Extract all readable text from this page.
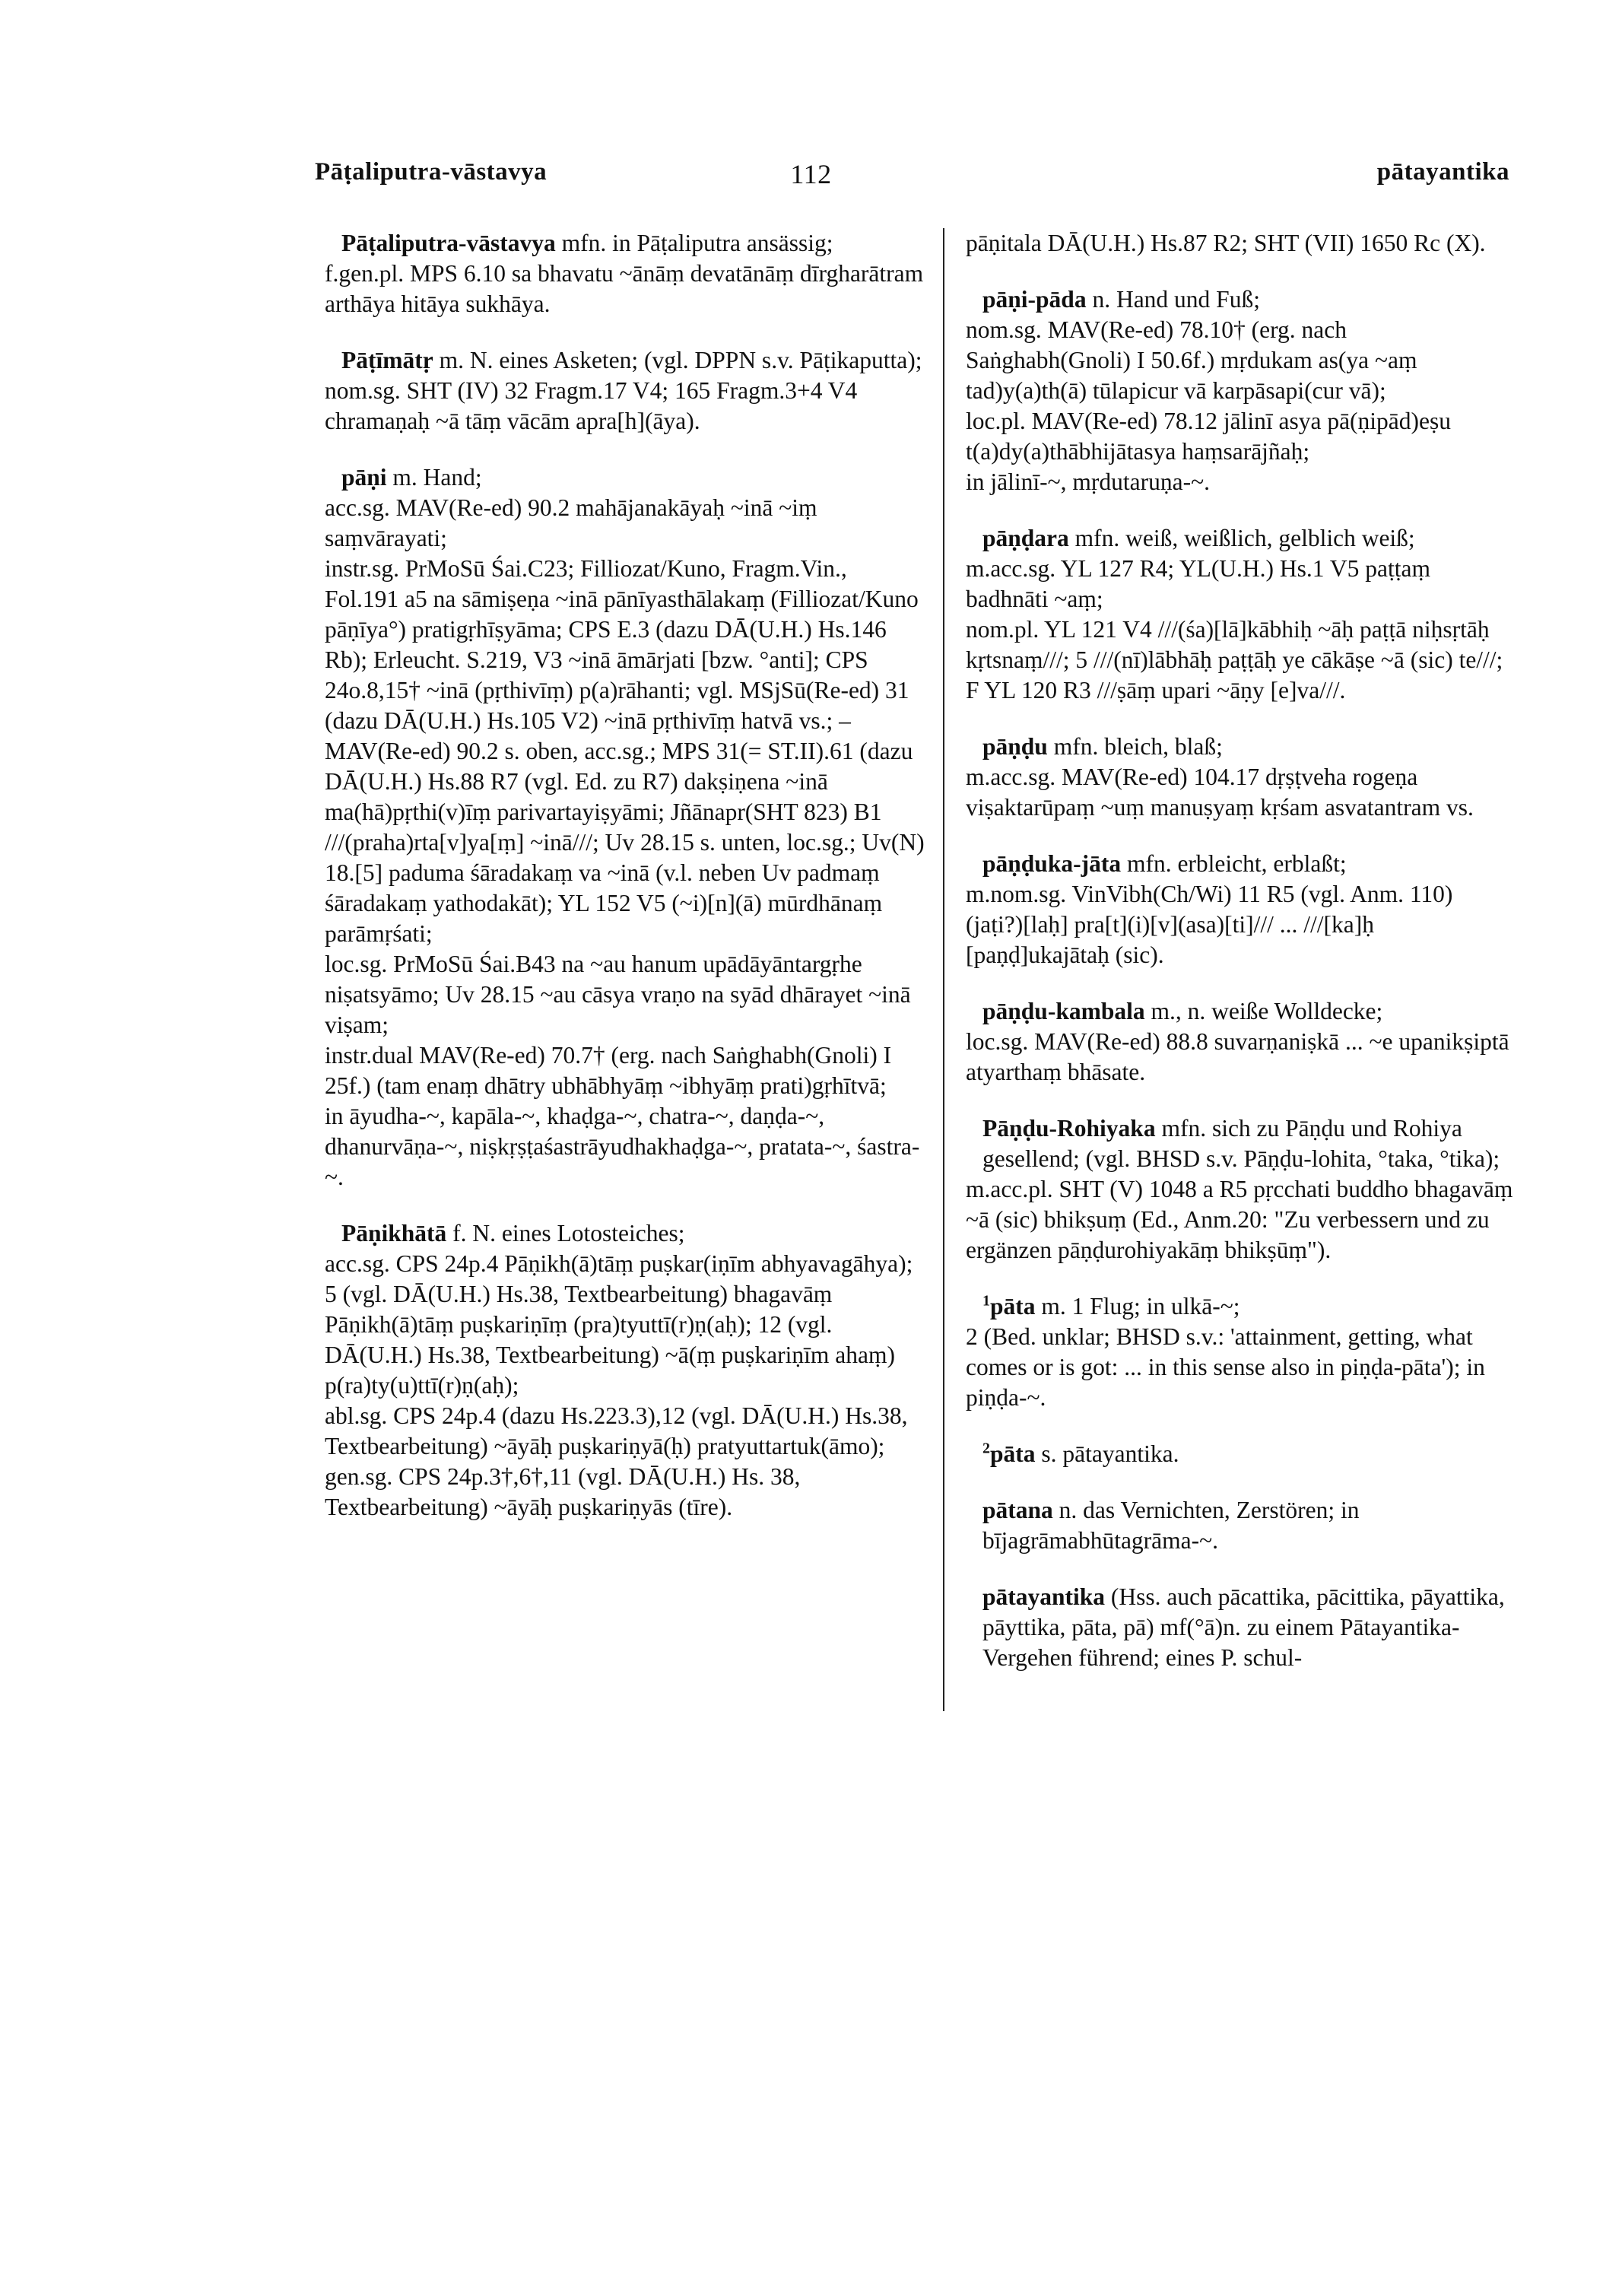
Pāṭaliputra-vāstavya	112	pātayantika

Pāṭaliputra-vāstavya mfn. in Pāṭaliputra ansässig;

f.gen.pl. MPS 6.10 sa bhavatu ~ānāṃ devatānāṃ dīrgharātram arthāya hitāya sukhāya.

Pāṭīmātṛ m. N. eines Asketen; (vgl. DPPN s.v. Pāṭikaputta);

nom.sg. SHT (IV) 32 Fragm.17 V4; 165 Fragm.3+4 V4 chramaṇaḥ ~ā tāṃ vācām apra[h](āya).

pāṇi m. Hand;

acc.sg. MAV(Re-ed) 90.2 mahājanakāyaḥ ~inā ~iṃ saṃvārayati;

instr.sg. PrMoSū Śai.C23; Filliozat/Kuno, Fragm.Vin., Fol.191 a5 na sāmiṣeṇa ~inā pānīyasthālakaṃ (Filliozat/Kuno pāṇīya°) pratigṛhīṣyāma; CPS E.3 (dazu DĀ(U.H.) Hs.146 Rb); Erleucht. S.219, V3 ~inā āmārjati [bzw. °anti]; CPS 24o.8,15† ~inā (pṛthivīṃ) p(a)rāhanti; vgl. MSjSū(Re-ed) 31 (dazu DĀ(U.H.) Hs.105 V2) ~inā pṛthivīṃ hatvā vs.; – MAV(Re-ed) 90.2 s. oben, acc.sg.; MPS 31(= ST.II).61 (dazu DĀ(U.H.) Hs.88 R7 (vgl. Ed. zu R7) dakṣiṇena ~inā ma(hā)pṛthi(v)īṃ parivartayiṣyāmi; Jñānapr(SHT 823) B1 ///(praha)rta[v]ya[ṃ] ~inā///; Uv 28.15 s. unten, loc.sg.; Uv(N) 18.[5] paduma śāradakaṃ va ~inā (v.l. neben Uv padmaṃ śāradakaṃ yathodakāt); YL 152 V5 (~i)[n](ā) mūrdhānaṃ parāmṛśati;

loc.sg. PrMoSū Śai.B43 na ~au hanum upādāyāntargṛhe niṣatsyāmo; Uv 28.15 ~au cāsya vraṇo na syād dhārayet ~inā viṣam;

instr.dual MAV(Re-ed) 70.7† (erg. nach Saṅghabh(Gnoli) I 25f.) (tam enaṃ dhātry ubhābhyāṃ ~ibhyāṃ prati)gṛhītvā;

in āyudha-~, kapāla-~, khaḍga-~, chatra-~, daṇḍa-~, dhanurvāṇa-~, niṣkṛṣṭaśastrāyudhakhaḍga-~, pratata-~, śastra-~.

Pāṇikhātā f. N. eines Lotosteiches;

acc.sg. CPS 24p.4 Pāṇikh(ā)tāṃ puṣkar(iṇīm abhyavagāhya); 5 (vgl. DĀ(U.H.) Hs.38, Textbearbeitung) bhagavāṃ Pāṇikh(ā)tāṃ puṣkariṇīṃ (pra)tyuttī(r)ṇ(aḥ); 12 (vgl. DĀ(U.H.) Hs.38, Textbearbeitung) ~ā(ṃ puṣkariṇīm ahaṃ) p(ra)ty(u)ttī(r)ṇ(aḥ);

abl.sg. CPS 24p.4 (dazu Hs.223.3),12 (vgl. DĀ(U.H.) Hs.38, Textbearbeitung) ~āyāḥ puṣkariṇyā(ḥ) pratyuttartuk(āmo);

gen.sg. CPS 24p.3†,6†,11 (vgl. DĀ(U.H.) Hs. 38, Textbearbeitung) ~āyāḥ puṣkariṇyās (tīre).

pāṇitala DĀ(U.H.) Hs.87 R2; SHT (VII) 1650 Rc (X).

pāṇi-pāda n. Hand und Fuß;

nom.sg. MAV(Re-ed) 78.10† (erg. nach Saṅghabh(Gnoli) I 50.6f.) mṛdukam as(ya ~aṃ tad)y(a)th(ā) tūlapicur vā karpāsapi(cur vā);

loc.pl. MAV(Re-ed) 78.12 jālinī asya pā(ṇipād)eṣu t(a)dy(a)thābhijātasya haṃsarājñaḥ;

in jālinī-~, mṛdutaruṇa-~.

pāṇḍara mfn. weiß, weißlich, gelblich weiß;

m.acc.sg. YL 127 R4; YL(U.H.) Hs.1 V5 paṭṭaṃ badhnāti ~aṃ;

nom.pl. YL 121 V4 ///(śa)[lā]kābhiḥ ~āḥ paṭṭā niḥsṛtāḥ kṛtsnaṃ///; 5 ///(nī)lābhāḥ paṭṭāḥ ye cākāṣe ~ā (sic) te///;

F YL 120 R3 ///ṣāṃ upari ~āṇy [e]va///.

pāṇḍu mfn. bleich, blaß;

m.acc.sg. MAV(Re-ed) 104.17 dṛṣṭveha rogeṇa viṣaktarūpaṃ ~uṃ manuṣyaṃ kṛśam asvatantram vs.

pāṇḍuka-jāta mfn. erbleicht, erblaßt;

m.nom.sg. VinVibh(Ch/Wi) 11 R5 (vgl. Anm. 110) (jaṭi?)[laḥ] pra[t](i)[v](asa)[ti]/// ... ///[ka]ḥ [paṇḍ]ukajātaḥ (sic).

pāṇḍu-kambala m., n. weiße Wolldecke;

loc.sg. MAV(Re-ed) 88.8 suvarṇaniṣkā ... ~e upanikṣiptā atyarthaṃ bhāsate.

Pāṇḍu-Rohiyaka mfn. sich zu Pāṇḍu und Rohiya gesellend; (vgl. BHSD s.v. Pāṇḍu-lohita, °taka, °tika);

m.acc.pl. SHT (V) 1048 a R5 pṛcchati buddho bhagavāṃ ~ā (sic) bhikṣuṃ (Ed., Anm.20: "Zu verbessern und zu ergänzen pāṇḍurohiyakāṃ bhikṣūṃ").

$^1$pāta m. 1 Flug; in ulkā-~;

2 (Bed. unklar; BHSD s.v.: 'attainment, getting, what comes or is got: ... in this sense also in piṇḍa-pāta'); in piṇḍa-~.

$^2$pāta s. pātayantika.

pātana n. das Vernichten, Zerstören; in bījagrāmabhūtagrāma-~.

pātayantika (Hss. auch pācattika, pācittika, pāyattika, pāyttika, pāta, pā) mf(°ā)n. zu einem Pātayantika-Vergehen führend; eines P. schul-
